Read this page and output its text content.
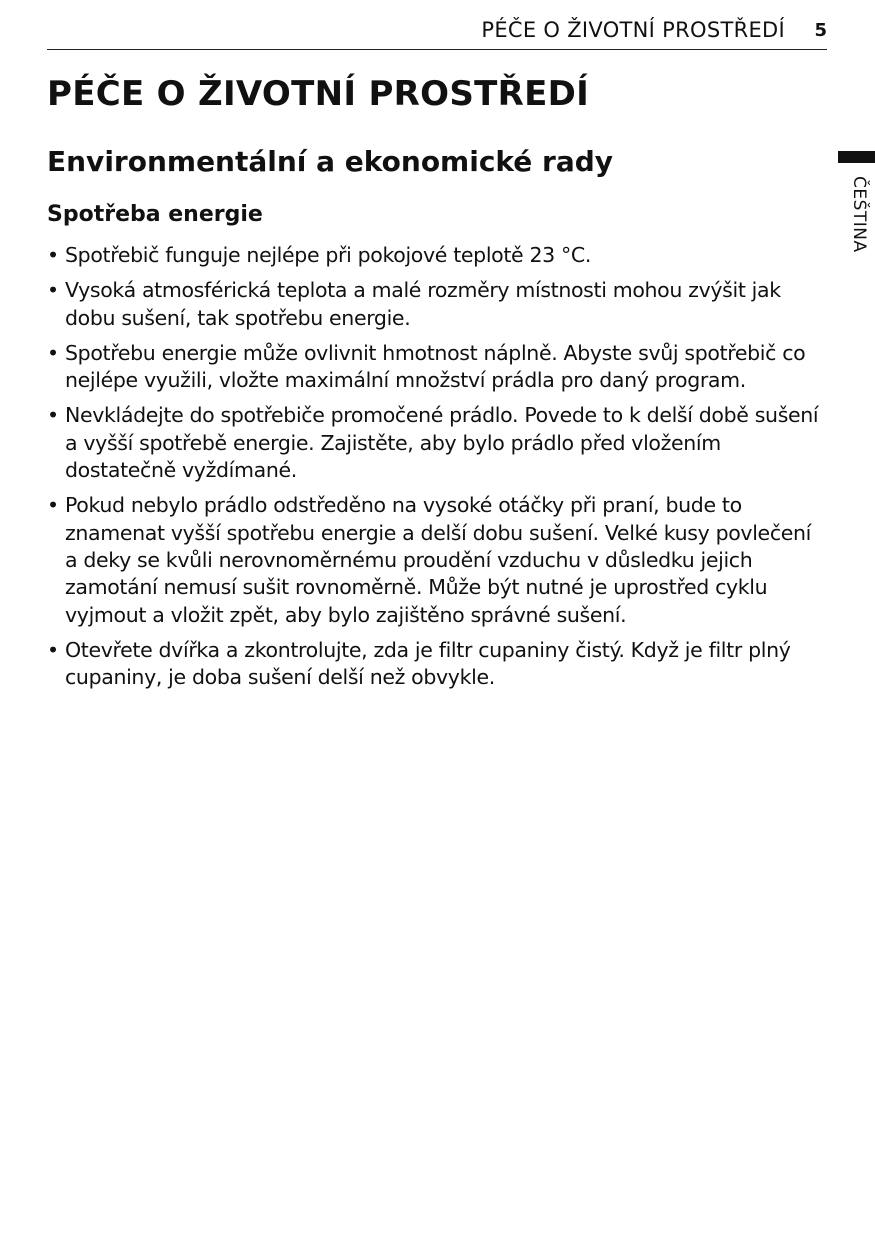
PÉČE O ŽIVOTNÍ PROSTŘEDÍ 5
PÉČE O ŽIVOTNÍ PROSTŘEDÍ
Environmentální a ekonomické rady
Spotřeba energie
• Spotřebič funguje nejlépe při pokojové teplotě 23 °C.
• Vysoká atmosférická teplota a malé rozměry místnosti mohou zvýšit jak dobu sušení, tak spotřebu energie.
• Spotřebu energie může ovlivnit hmotnost náplně. Abyste svůj spotřebič co nejlépe využili, vložte maximální množství prádla pro daný program.
• Nevkládejte do spotřebiče promočené prádlo. Povede to k delší době sušení a vyšší spotřebě energie. Zajistěte, aby bylo prádlo před vložením dostatečně vyždímané.
• Pokud nebylo prádlo odstředěno na vysoké otáčky při praní, bude to znamenat vyšší spotřebu energie a delší dobu sušení. Velké kusy povlečení a deky se kvůli nerovnoměrnému proudění vzduchu v důsledku jejich zamotání nemusí sušit rovnoměrně. Může být nutné je uprostřed cyklu vyjmout a vložit zpět, aby bylo zajištěno správné sušení.
• Otevřete dvířka a zkontrolujte, zda je filtr cupaniny čistý. Když je filtr plný cupaniny, je doba sušení delší než obvykle.
ČEŠTINA
